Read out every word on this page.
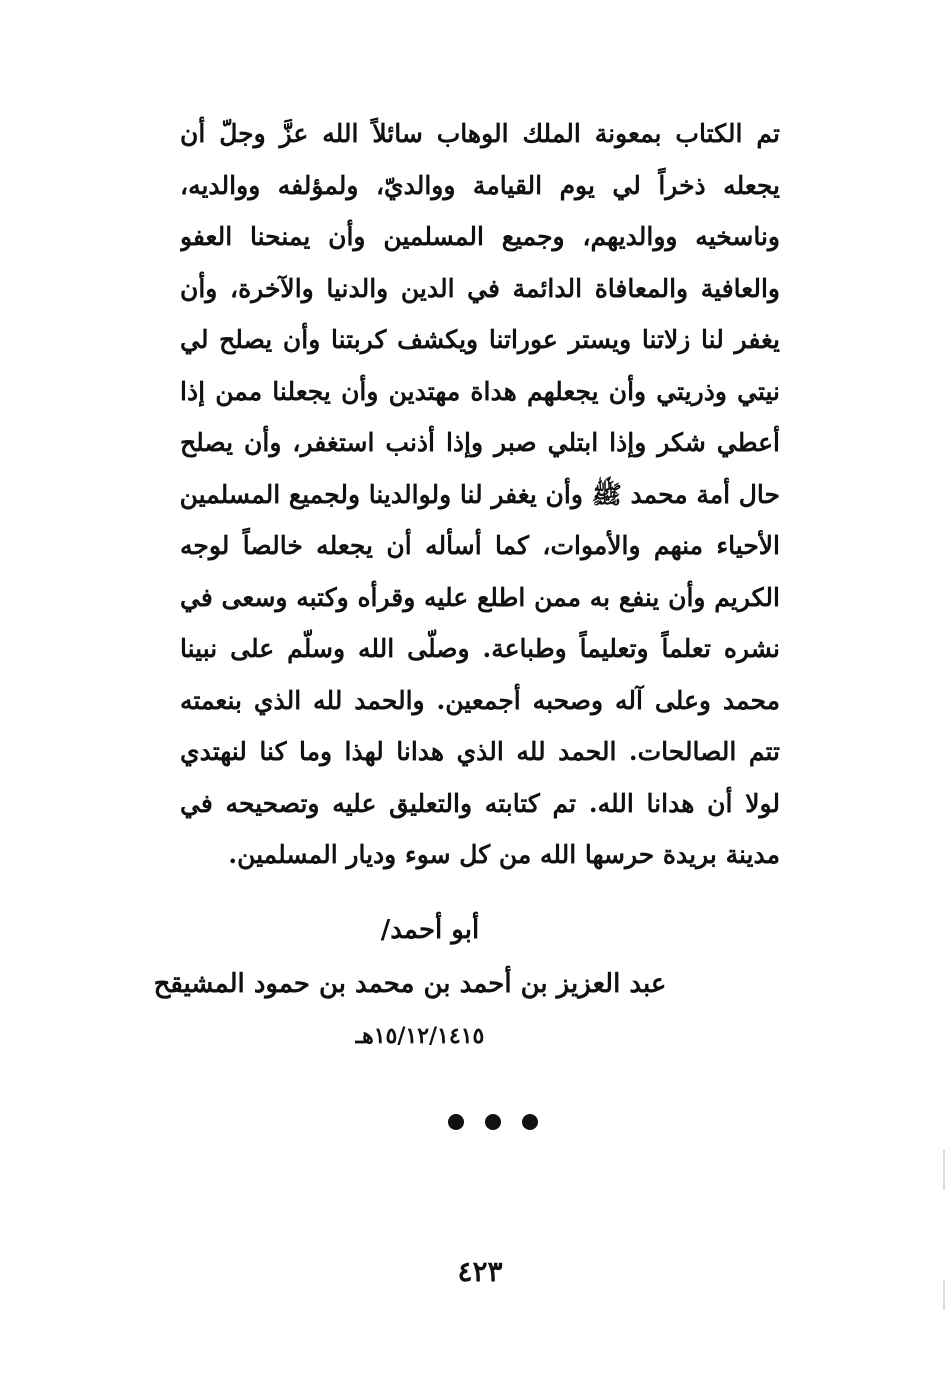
تم الكتاب بمعونة الملك الوهاب سائلاً الله عزَّ وجلّ أن
يجعله ذخراً لي يوم القيامة ووالديّ، ولمؤلفه ووالديه،
وناسخيه ووالديهم، وجميع المسلمين وأن يمنحنا العفو
والعافية والمعافاة الدائمة في الدين والدنيا والآخرة، وأن
يغفر لنا زلاتنا ويستر عوراتنا ويكشف كربتنا وأن يصلح لي
نيتي وذريتي وأن يجعلهم هداة مهتدين وأن يجعلنا ممن إذا
أعطي شكر وإذا ابتلي صبر وإذا أذنب استغفر، وأن يصلح
حال أمة محمد ﷺ وأن يغفر لنا ولوالدينا ولجميع المسلمين
الأحياء منهم والأموات، كما أسأله أن يجعله خالصاً لوجه
الكريم وأن ينفع به ممن اطلع عليه وقرأه وكتبه وسعى في
نشره تعلماً وتعليماً وطباعة. وصلّى الله وسلّم على نبينا
محمد وعلى آله وصحبه أجمعين. والحمد لله الذي بنعمته
تتم الصالحات. الحمد لله الذي هدانا لهذا وما كنا لنهتدي
لولا أن هدانا الله. تم كتابته والتعليق عليه وتصحيحه في
مدينة بريدة حرسها الله من كل سوء وديار المسلمين.
أبو أحمد/
عبد العزيز بن أحمد بن محمد بن حمود المشيقح
١٥/١٢/١٤١٥هـ
٤٢٣
